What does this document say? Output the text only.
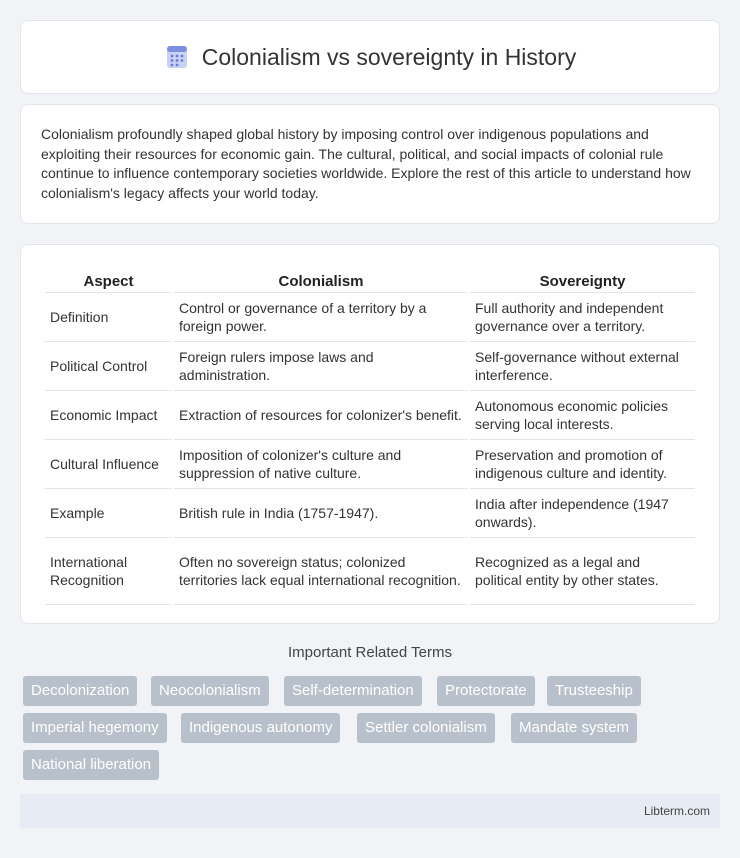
Colonialism vs sovereignty in History

Colonialism profoundly shaped global history by imposing control over indigenous populations and exploiting their resources for economic gain. The cultural, political, and social impacts of colonial rule continue to influence contemporary societies worldwide. Explore the rest of this article to understand how colonialism's legacy affects your world today.

Aspect	Colonialism	Sovereignty
Definition	Control or governance of a territory by a foreign power.	Full authority and independent governance over a territory.
Political Control	Foreign rulers impose laws and administration.	Self-governance without external interference.
Economic Impact	Extraction of resources for colonizer's benefit.	Autonomous economic policies serving local interests.
Cultural Influence	Imposition of colonizer's culture and suppression of native culture.	Preservation and promotion of indigenous culture and identity.
Example	British rule in India (1757-1947).	India after independence (1947 onwards).
International Recognition	Often no sovereign status; colonized territories lack equal international recognition.	Recognized as a legal and political entity by other states.
Important Related Terms
Decolonization	Neocolonialism	Self-determination	Protectorate	Trusteeship
Imperial hegemony	Indigenous autonomy	Settler colonialism	Mandate system
National liberation
Libterm.com
